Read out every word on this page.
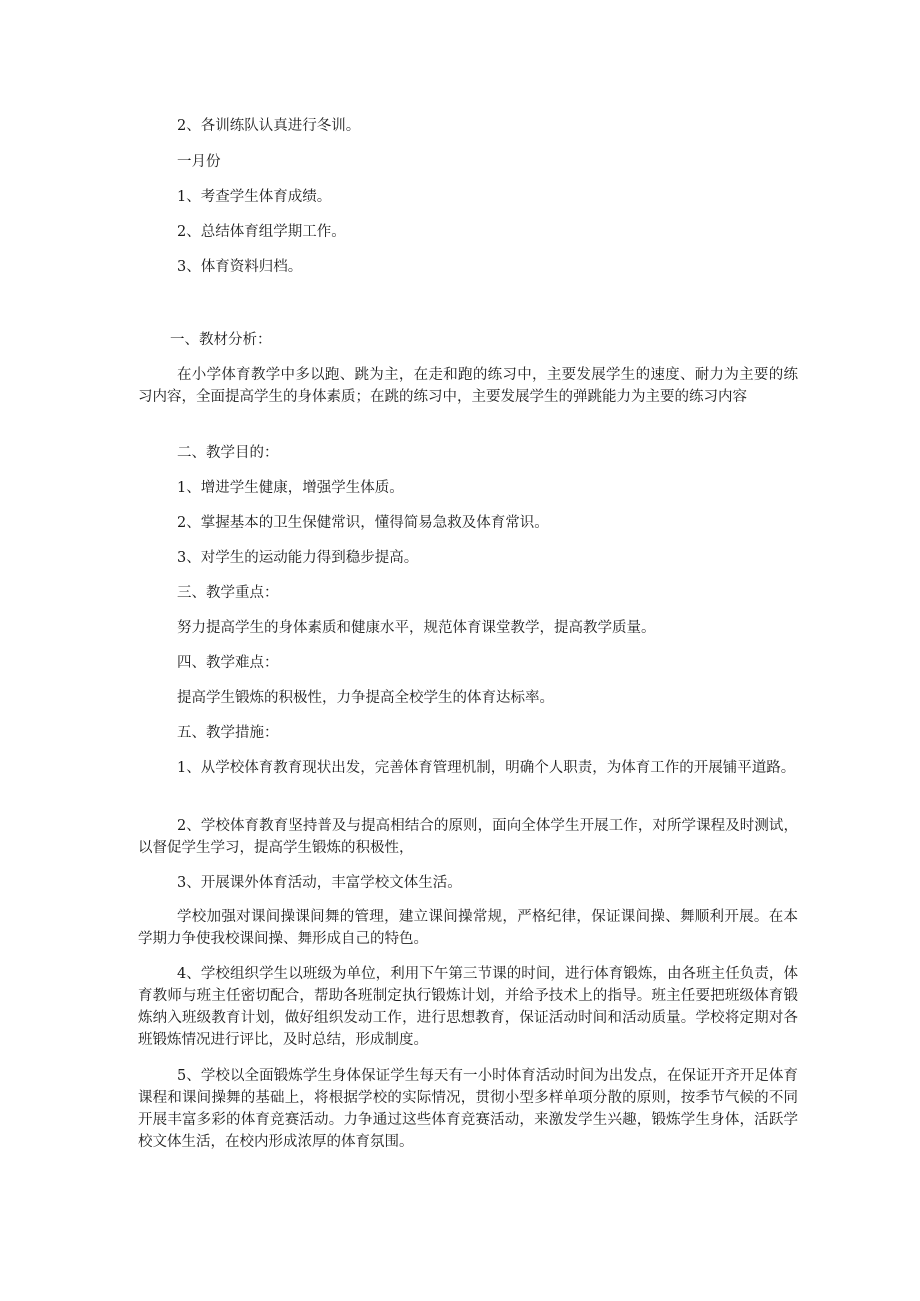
2、各训练队认真进行冬训。
一月份
1、考查学生体育成绩。
2、总结体育组学期工作。
3、体育资料归档。
一、教材分析：
在小学体育教学中多以跑、跳为主，在走和跑的练习中，主要发展学生的速度、耐力为主要的练习内容，全面提高学生的身体素质；在跳的练习中，主要发展学生的弹跳能力为主要的练习内容
二、教学目的：
1、增进学生健康，增强学生体质。
2、掌握基本的卫生保健常识，懂得简易急救及体育常识。
3、对学生的运动能力得到稳步提高。
三、教学重点：
努力提高学生的身体素质和健康水平，规范体育课堂教学，提高教学质量。
四、教学难点：
提高学生锻炼的积极性，力争提高全校学生的体育达标率。
五、教学措施：
1、从学校体育教育现状出发，完善体育管理机制，明确个人职责，为体育工作的开展铺平道路。
2、学校体育教育坚持普及与提高相结合的原则，面向全体学生开展工作，对所学课程及时测试，以督促学生学习，提高学生锻炼的积极性，
3、开展课外体育活动，丰富学校文体生活。
学校加强对课间操课间舞的管理，建立课间操常规，严格纪律，保证课间操、舞顺利开展。在本学期力争使我校课间操、舞形成自己的特色。
4、学校组织学生以班级为单位，利用下午第三节课的时间，进行体育锻炼，由各班主任负责，体育教师与班主任密切配合，帮助各班制定执行锻炼计划，并给予技术上的指导。班主任要把班级体育锻炼纳入班级教育计划，做好组织发动工作，进行思想教育，保证活动时间和活动质量。学校将定期对各班锻炼情况进行评比，及时总结，形成制度。
5、学校以全面锻炼学生身体保证学生每天有一小时体育活动时间为出发点，在保证开齐开足体育课程和课间操舞的基础上，将根据学校的实际情况，贯彻小型多样单项分散的原则，按季节气候的不同开展丰富多彩的体育竞赛活动。力争通过这些体育竞赛活动，来激发学生兴趣，锻炼学生身体，活跃学校文体生活，在校内形成浓厚的体育氛围。
